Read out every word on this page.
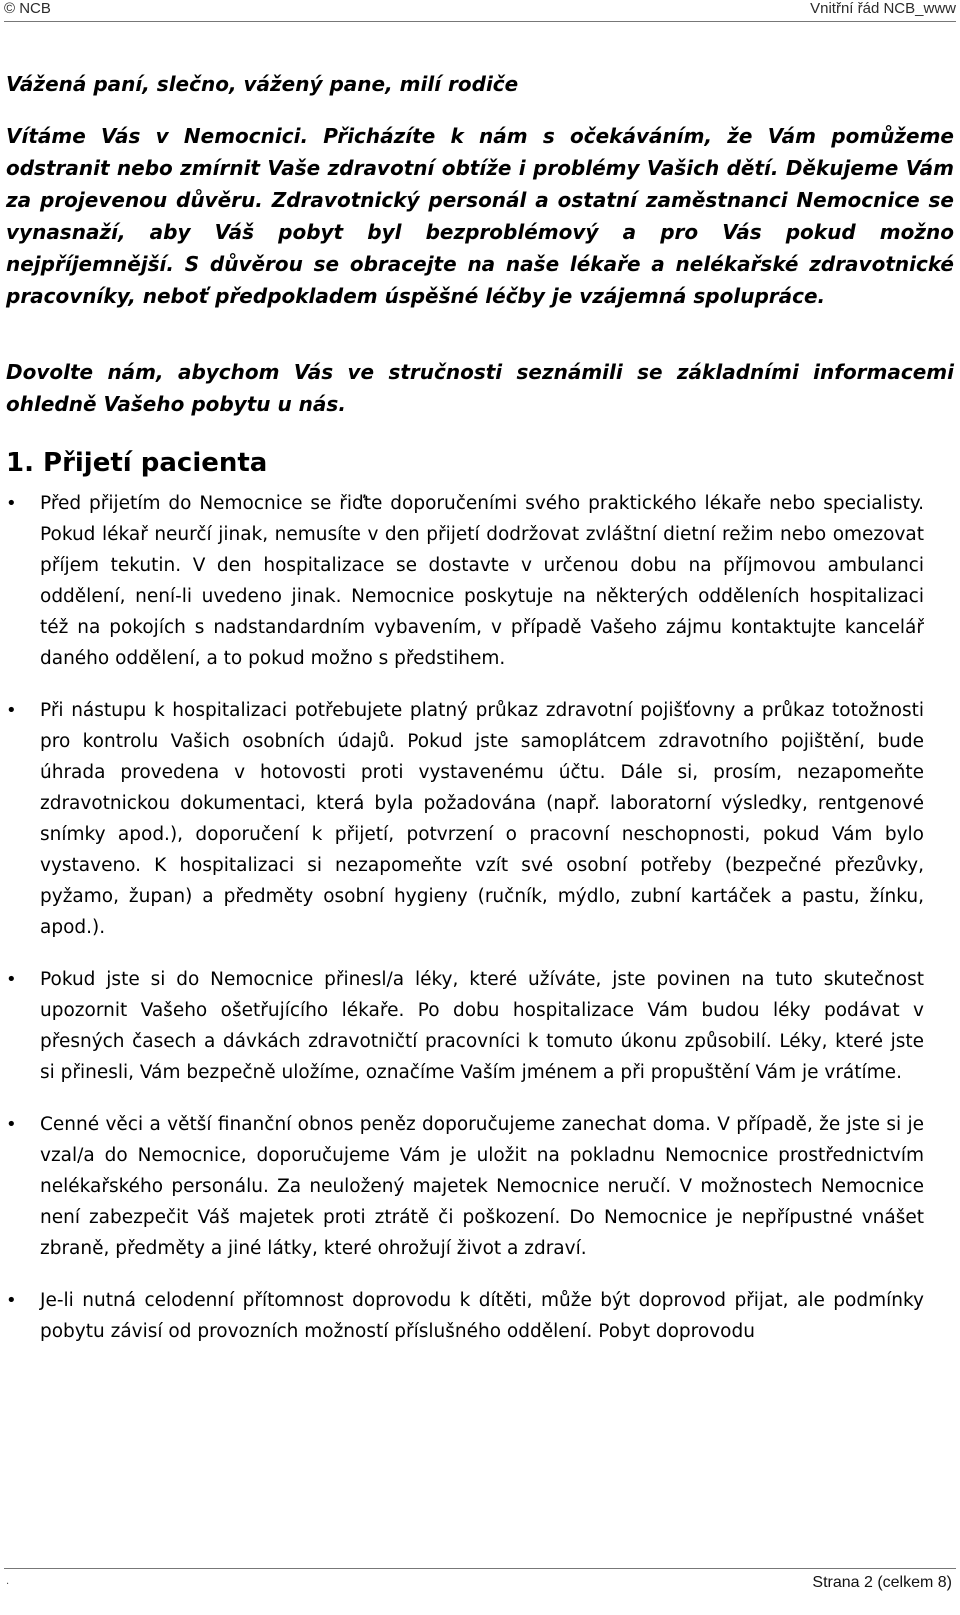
© NCB	Vnitřní řád NCB_www

Vážená paní, slečno, vážený pane, milí rodiče

Vítáme Vás v Nemocnici. Přicházíte k nám s očekáváním, že Vám pomůžeme odstranit nebo zmírnit Vaše zdravotní obtíže i problémy Vašich dětí. Děkujeme Vám za projevenou důvěru. Zdravotnický personál a ostatní zaměstnanci Nemocnice se vynasnaží, aby Váš pobyt byl bezproblémový a pro Vás pokud možno nejpříjemnější. S důvěrou se obracejte na naše lékaře a nelékařské zdravotnické pracovníky, neboť předpokladem úspěšné léčby je vzájemná spolupráce.

Dovolte nám, abychom Vás ve stručnosti seznámili se základními informacemi ohledně Vašeho pobytu u nás.

1. Přijetí pacienta
• Před přijetím do Nemocnice se řiďte doporučeními svého praktického lékaře nebo specialisty. Pokud lékař neurčí jinak, nemusíte v den přijetí dodržovat zvláštní dietní režim nebo omezovat příjem tekutin. V den hospitalizace se dostavte v určenou dobu na příjmovou ambulanci oddělení, není-li uvedeno jinak. Nemocnice poskytuje na některých odděleních hospitalizaci též na pokojích s nadstandardním vybavením, v případě Vašeho zájmu kontaktujte kancelář daného oddělení, a to pokud možno s předstihem.
• Při nástupu k hospitalizaci potřebujete platný průkaz zdravotní pojišťovny a průkaz totožnosti pro kontrolu Vašich osobních údajů. Pokud jste samoplátcem zdravotního pojištění, bude úhrada provedena v hotovosti proti vystavenému účtu. Dále si, prosím, nezapomeňte zdravotnickou dokumentaci, která byla požadována (např. laboratorní výsledky, rentgenové snímky apod.), doporučení k přijetí, potvrzení o pracovní neschopnosti, pokud Vám bylo vystaveno. K hospitalizaci si nezapomeňte vzít své osobní potřeby (bezpečné přezůvky, pyžamo, župan) a předměty osobní hygieny (ručník, mýdlo, zubní kartáček a pastu, žínku, apod.).
• Pokud jste si do Nemocnice přinesl/a léky, které užíváte, jste povinen na tuto skutečnost upozornit Vašeho ošetřujícího lékaře. Po dobu hospitalizace Vám budou léky podávat v přesných časech a dávkách zdravotničtí pracovníci k tomuto úkonu způsobilí. Léky, které jste si přinesli, Vám bezpečně uložíme, označíme Vaším jménem a při propuštění Vám je vrátíme.
• Cenné věci a větší finanční obnos peněz doporučujeme zanechat doma. V případě, že jste si je vzal/a do Nemocnice, doporučujeme Vám je uložit na pokladnu Nemocnice prostřednictvím nelékařského personálu. Za neuložený majetek Nemocnice neručí. V možnostech Nemocnice není zabezpečit Váš majetek proti ztrátě či poškození. Do Nemocnice je nepřípustné vnášet zbraně, předměty a jiné látky, které ohrožují život a zdraví.
• Je-li nutná celodenní přítomnost doprovodu k dítěti, může být doprovod přijat, ale podmínky pobytu závisí od provozních možností příslušného oddělení. Pobyt doprovodu
.	Strana 2 (celkem 8)
